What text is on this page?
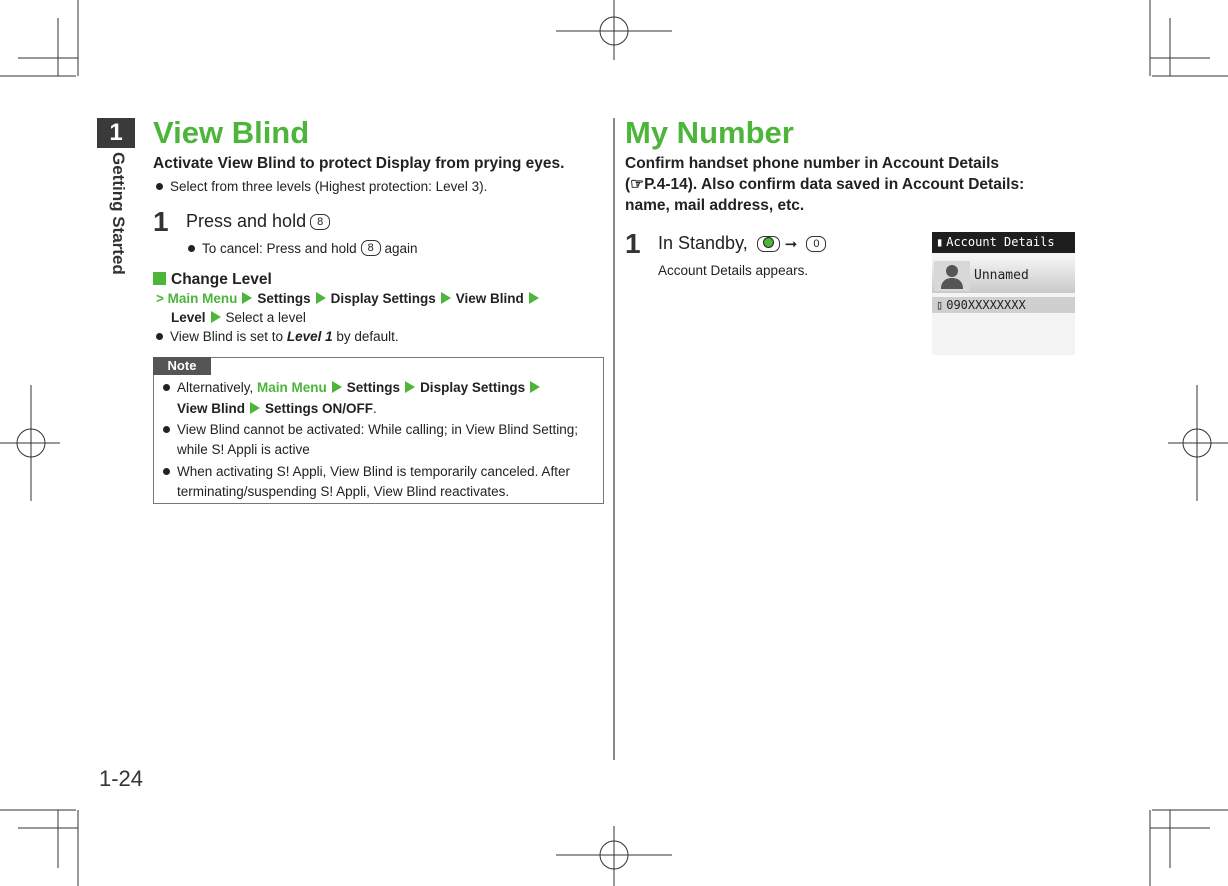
1
Getting Started
1-24
View Blind
Activate View Blind to protect Display from prying eyes.
Select from three levels (Highest protection: Level 3).
1 Press and hold 8
To cancel: Press and hold 8 again
Change Level
> Main Menu Settings Display Settings View Blind
Level Select a level
View Blind is set to Level 1 by default.
Note
Alternatively, Main Menu Settings Display Settings
View Blind Settings ON/OFF.
View Blind cannot be activated: While calling; in View Blind Setting;
while S! Appli is active
When activating S! Appli, View Blind is temporarily canceled. After
terminating/suspending S! Appli, View Blind reactivates.
My Number
Confirm handset phone number in Account Details
(☞P.4-14). Also confirm data saved in Account Details:
name, mail address, etc.
1 In Standby, ➞ 0
Account Details appears.
▮ Account Details
Unnamed
▯ 090XXXXXXXX
